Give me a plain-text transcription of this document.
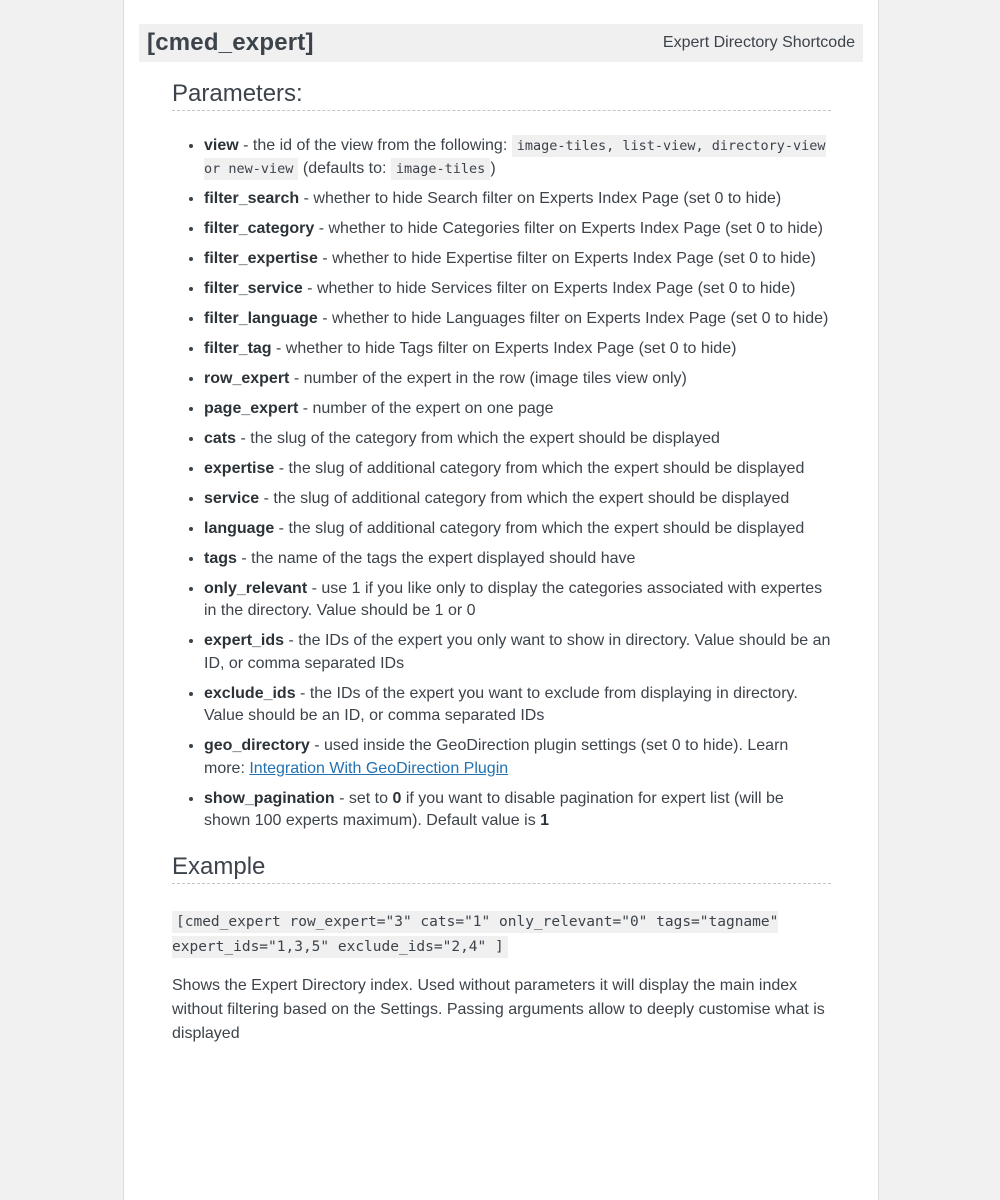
[cmed_expert]	Expert Directory Shortcode
Parameters:
• view - the id of the view from the following: image-tiles, list-view, directory-view or new-view (defaults to: image-tiles )
• filter_search - whether to hide Search filter on Experts Index Page (set 0 to hide)
• filter_category - whether to hide Categories filter on Experts Index Page (set 0 to hide)
• filter_expertise - whether to hide Expertise filter on Experts Index Page (set 0 to hide)
• filter_service - whether to hide Services filter on Experts Index Page (set 0 to hide)
• filter_language - whether to hide Languages filter on Experts Index Page (set 0 to hide)
• filter_tag - whether to hide Tags filter on Experts Index Page (set 0 to hide)
• row_expert - number of the expert in the row (image tiles view only)
• page_expert - number of the expert on one page
• cats - the slug of the category from which the expert should be displayed
• expertise - the slug of additional category from which the expert should be displayed
• service - the slug of additional category from which the expert should be displayed
• language - the slug of additional category from which the expert should be displayed
• tags - the name of the tags the expert displayed should have
• only_relevant - use 1 if you like only to display the categories associated with expertes in the directory. Value should be 1 or 0
• expert_ids - the IDs of the expert you only want to show in directory. Value should be an ID, or comma separated IDs
• exclude_ids - the IDs of the expert you want to exclude from displaying in directory. Value should be an ID, or comma separated IDs
• geo_directory - used inside the GeoDirection plugin settings (set 0 to hide). Learn more: Integration With GeoDirection Plugin
• show_pagination - set to 0 if you want to disable pagination for expert list (will be shown 100 experts maximum). Default value is 1
Example
[cmed_expert row_expert="3" cats="1" only_relevant="0" tags="tagname" expert_ids="1,3,5" exclude_ids="2,4" ]
Shows the Expert Directory index. Used without parameters it will display the main index without filtering based on the Settings. Passing arguments allow to deeply customise what is displayed
